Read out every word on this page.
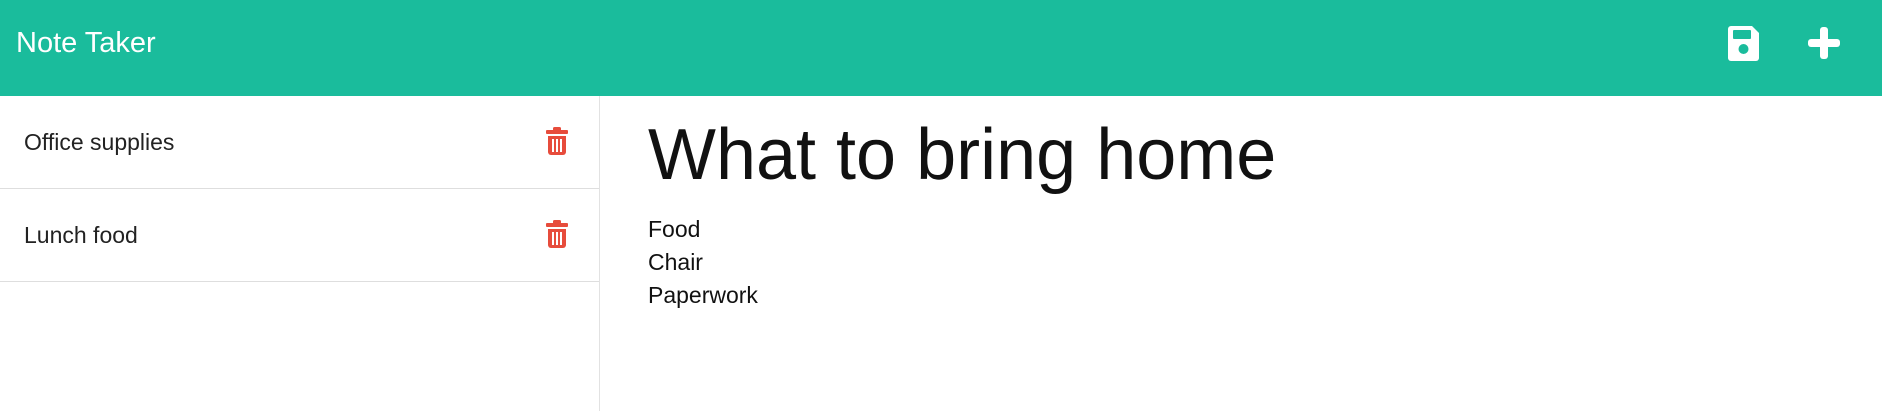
Note Taker
Office supplies
Lunch food
What to bring home
Food Chair Paperwork
